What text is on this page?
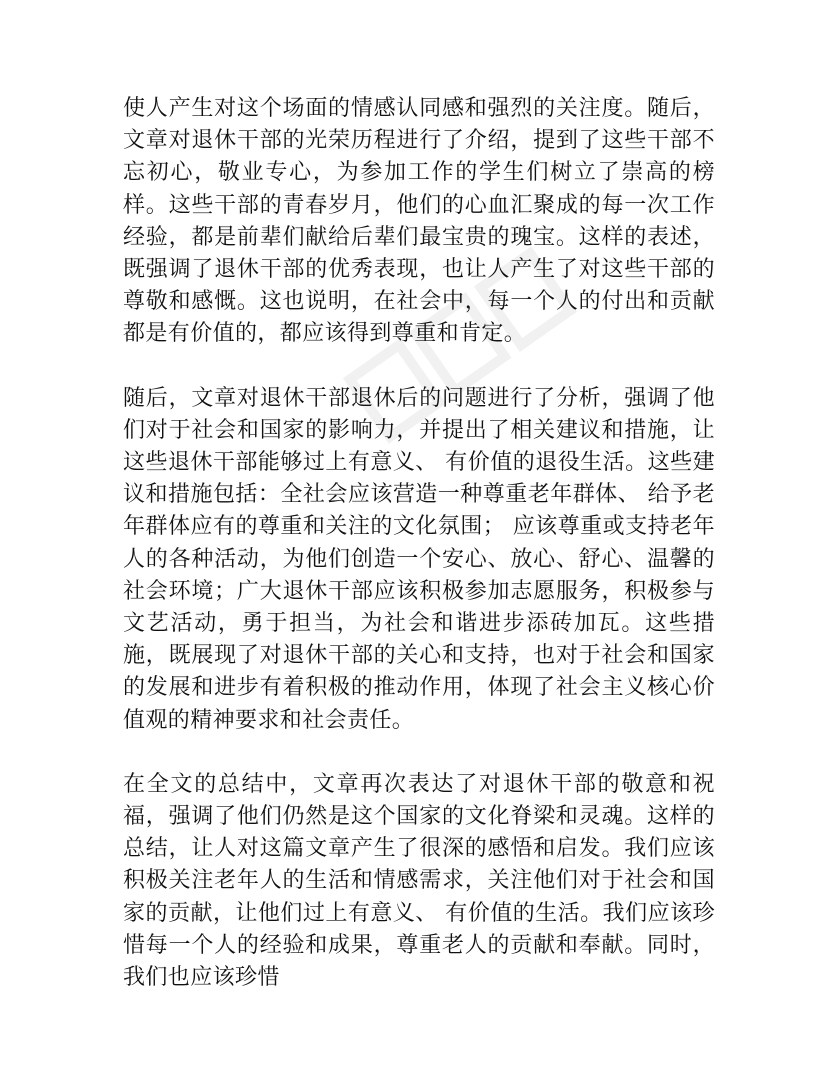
使人产生对这个场面的情感认同感和强烈的关注度。随后，文章对退休干部的光荣历程进行了介绍，提到了这些干部不忘初心，敬业专心，为参加工作的学生们树立了崇高的榜样。这些干部的青春岁月，他们的心血汇聚成的每一次工作经验，都是前辈们献给后辈们最宝贵的瑰宝。这样的表述，既强调了退休干部的优秀表现，也让人产生了对这些干部的尊敬和感慨。这也说明，在社会中，每一个人的付出和贡献都是有价值的，都应该得到尊重和肯定。

随后，文章对退休干部退休后的问题进行了分析，强调了他们对于社会和国家的影响力，并提出了相关建议和措施，让这些退休干部能够过上有意义、 有价值的退役生活。这些建议和措施包括：全社会应该营造一种尊重老年群体、 给予老年群体应有的尊重和关注的文化氛围； 应该尊重或支持老年人的各种活动，为他们创造一个安心、放心、舒心、温馨的社会环境；广大退休干部应该积极参加志愿服务，积极参与文艺活动，勇于担当，为社会和谐进步添砖加瓦。这些措施，既展现了对退休干部的关心和支持，也对于社会和国家的发展和进步有着积极的推动作用，体现了社会主义核心价值观的精神要求和社会责任。

在全文的总结中，文章再次表达了对退休干部的敬意和祝福，强调了他们仍然是这个国家的文化脊梁和灵魂。这样的总结，让人对这篇文章产生了很深的感悟和启发。我们应该积极关注老年人的生活和情感需求，关注他们对于社会和国家的贡献，让他们过上有意义、 有价值的生活。我们应该珍惜每一个人的经验和成果，尊重老人的贡献和奉献。同时，我们也应该珍惜
